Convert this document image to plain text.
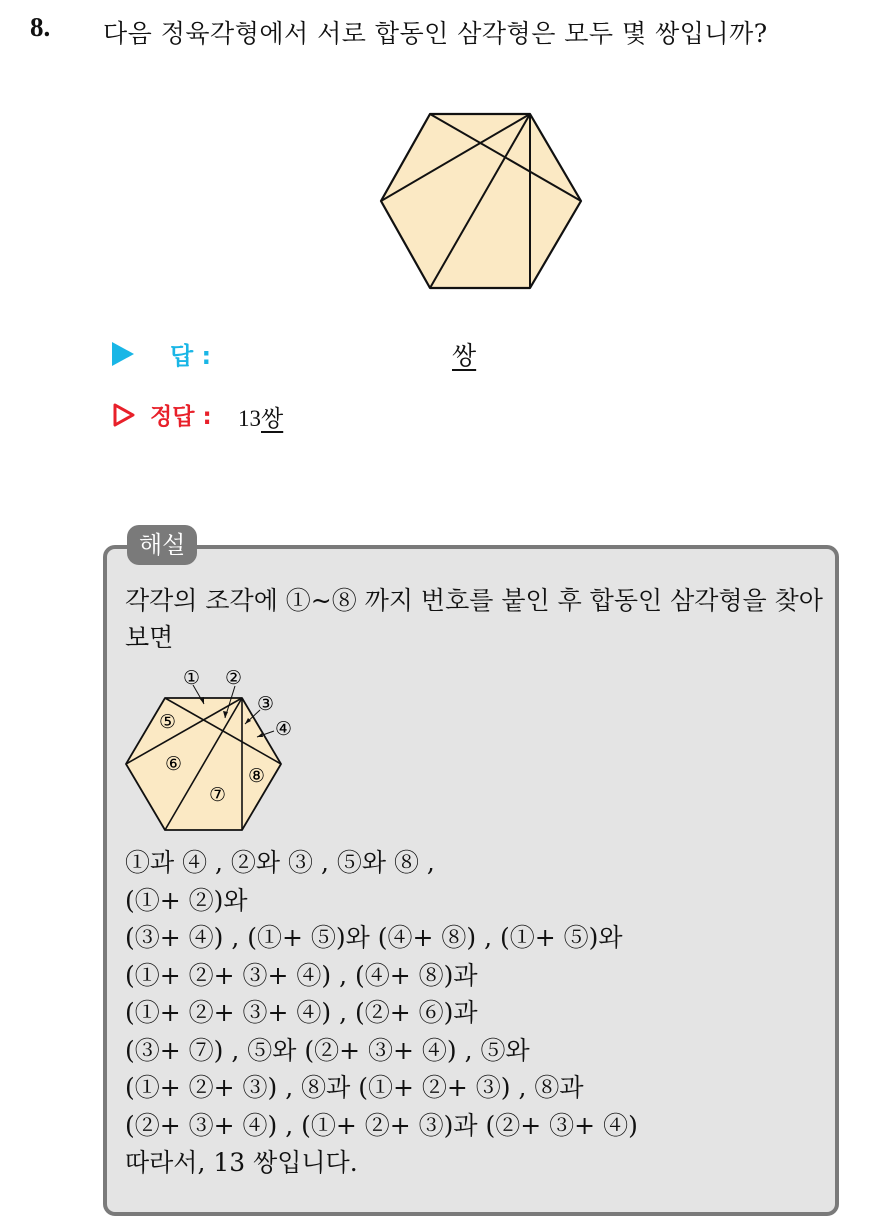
8. 다음 정육각형에서 서로 합동인 삼각형은 모두 몇 쌍입니까?
답 :	쌍
정답 : 13쌍
해설
각각의 조각에 ①~⑧ 까지 번호를 붙인 후 합동인 삼각형을 찾아보면
① ②
③
④
⑤
⑥
⑦
⑧
①과 ④ , ②와 ③ , ⑤와 ⑧ ,
(①+ ②)와
(③+ ④) , (①+ ⑤)와 (④+ ⑧) , (①+ ⑤)와
(①+ ②+ ③+ ④) , (④+ ⑧)과
(①+ ②+ ③+ ④) , (②+ ⑥)과
(③+ ⑦) , ⑤와 (②+ ③+ ④) , ⑤와
(①+ ②+ ③) , ⑧과 (①+ ②+ ③) , ⑧과
(②+ ③+ ④) , (①+ ②+ ③)과 (②+ ③+ ④)
따라서, 13 쌍입니다.
